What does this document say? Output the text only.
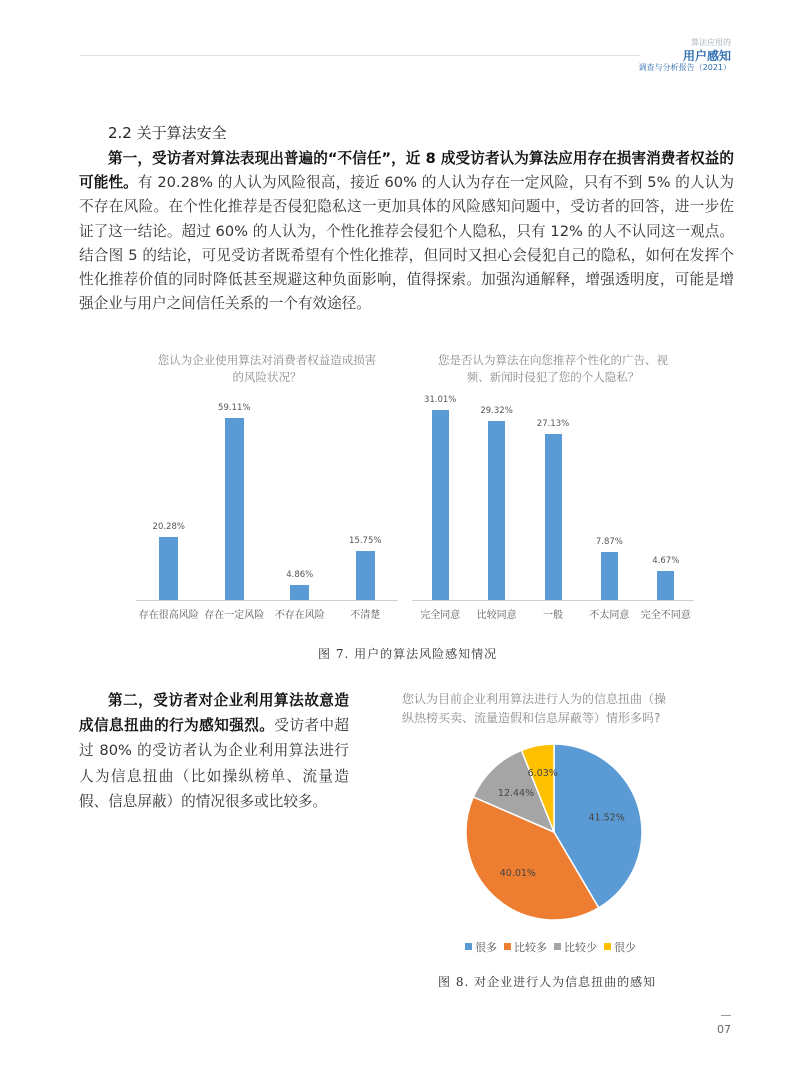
算法应用的
用户感知
调查与分析报告（2021）
2.2 关于算法安全
第一，受访者对算法表现出普遍的“不信任”，近 8 成受访者认为算法应用存在损害消费者权益的可能性。有 20.28% 的人认为风险很高，接近 60% 的人认为存在一定风险，只有不到 5% 的人认为不存在风险。在个性化推荐是否侵犯隐私这一更加具体的风险感知问题中，受访者的回答，进一步佐证了这一结论。超过 60% 的人认为，个性化推荐会侵犯个人隐私，只有 12% 的人不认同这一观点。结合图 5 的结论，可见受访者既希望有个性化推荐，但同时又担心会侵犯自己的隐私，如何在发挥个性化推荐价值的同时降低甚至规避这种负面影响，值得探索。加强沟通解释，增强透明度，可能是增强企业与用户之间信任关系的一个有效途径。
您认为企业使用算法对消费者权益造成损害
的风险状况？
20.28%
存在很高风险
59.11%
存在一定风险
4.86%
不存在风险
15.75%
不清楚
您是否认为算法在向您推荐个性化的广告、视
频、新闻时侵犯了您的个人隐私？
31.01%
完全同意
29.32%
比较同意
27.13%
一般
7.87%
不太同意
4.67%
完全不同意
图 7. 用户的算法风险感知情况
第二，受访者对企业利用算法故意造成信息扭曲的行为感知强烈。受访者中超过 80% 的受访者认为企业利用算法进行人为信息扭曲（比如操纵榜单、流量造假、信息屏蔽）的情况很多或比较多。
您认为目前企业利用算法进行人为的信息扭曲（操
纵热榜买卖、流量造假和信息屏蔽等）情形多吗?
41.52%
40.01%
12.44%
6.03%
很多 比较多 比较少 很少
图 8. 对企业进行人为信息扭曲的感知
07
